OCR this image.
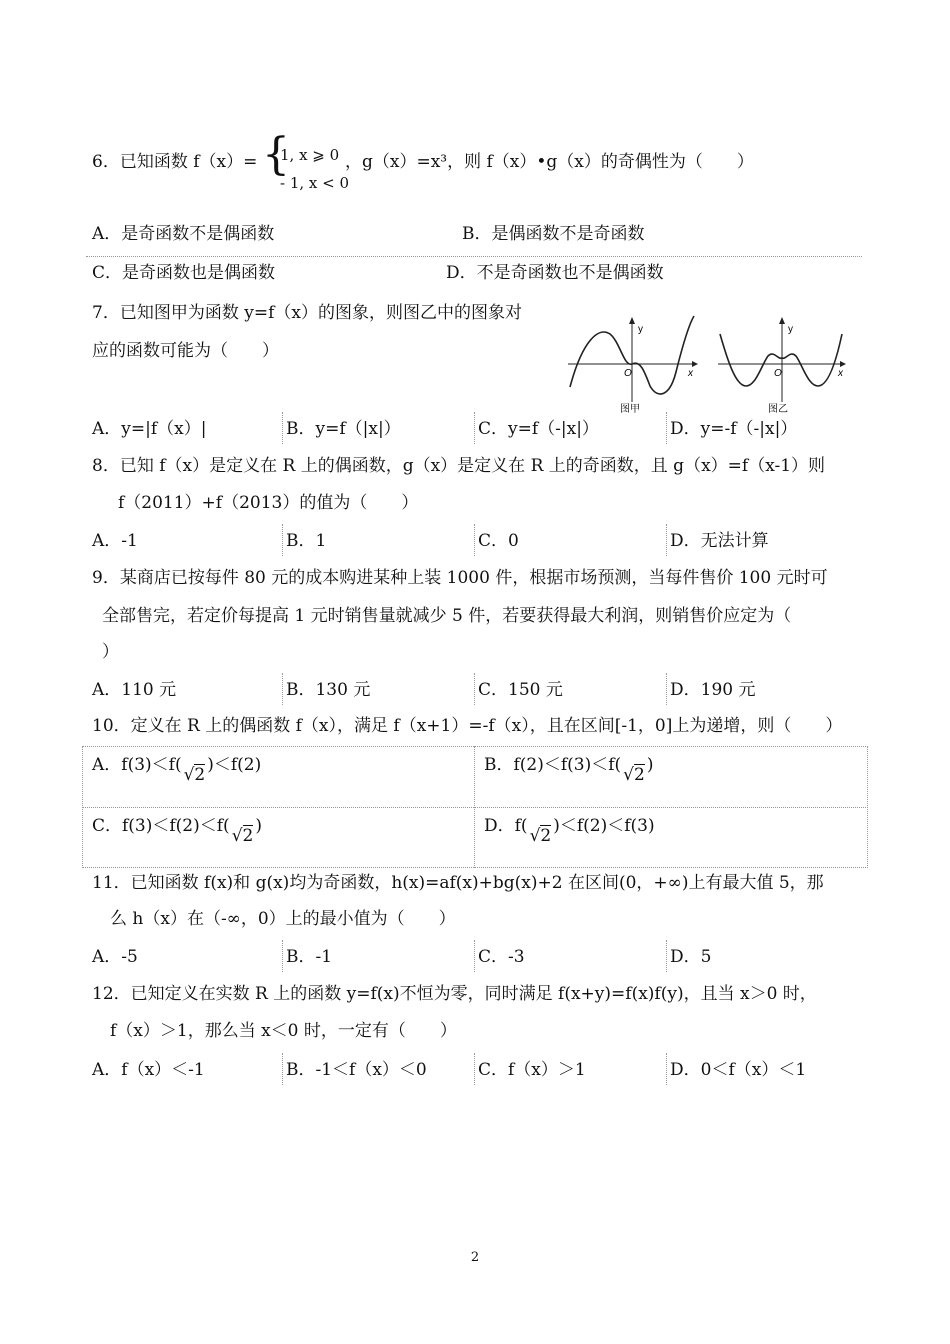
6．已知函数 f（x）= {
1, x ⩾ 0
- 1, x < 0
，g（x）=x³，则 f（x）•g（x）的奇偶性为（　　）
A．是奇函数不是偶函数	B．是偶函数不是奇函数
C．是奇函数也是偶函数	D．不是奇函数也不是偶函数
7．已知图甲为函数 y=f（x）的图象，则图乙中的图象对
应的函数可能为（　　）
y
x
O
图甲
y
x
O
图乙
A．y=|f（x）|	B．y=f（|x|）	C．y=f（-|x|）	D．y=-f（-|x|）
8．已知 f（x）是定义在 R 上的偶函数，g（x）是定义在 R 上的奇函数，且 g（x）=f（x-1）则
f（2011）+f（2013）的值为（　　）
A．-1	B．1	C．0	D．无法计算
9．某商店已按每件 80 元的成本购进某种上装 1000 件，根据市场预测，当每件售价 100 元时可
全部售完，若定价每提高 1 元时销售量就减少 5 件，若要获得最大利润，则销售价应定为（
）
A．110 元	B．130 元	C．150 元	D．190 元
10．定义在 R 上的偶函数 f（x），满足 f（x+1）=-f（x），且在区间[-1，0]上为递增，则（　　）
A．f(3)＜f( √2 )＜f(2)	B．f(2)＜f(3)＜f( √2 )
C．f(3)＜f(2)＜f( √2 )	D．f( √2 )＜f(2)＜f(3)
11．已知函数 f(x)和 g(x)均为奇函数，h(x)=af(x)+bg(x)+2 在区间(0，+∞)上有最大值 5，那
么 h（x）在（-∞，0）上的最小值为（　　）
A．-5	B．-1	C．-3	D．5
12．已知定义在实数 R 上的函数 y=f(x)不恒为零，同时满足 f(x+y)=f(x)f(y)，且当 x＞0 时，
f（x）＞1，那么当 x＜0 时，一定有（　　）
A．f（x）＜-1	B．-1＜f（x）＜0	C．f（x）＞1	D．0＜f（x）＜1
2
